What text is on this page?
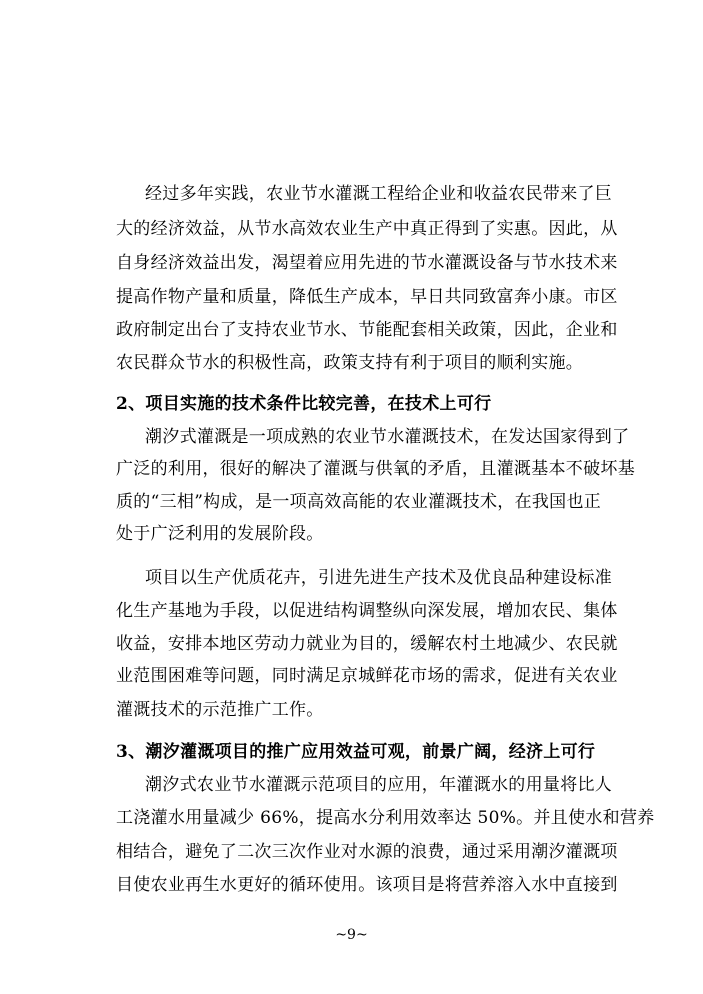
经过多年实践，农业节水灌溉工程给企业和收益农民带来了巨
大的经济效益，从节水高效农业生产中真正得到了实惠。因此，从
自身经济效益出发，渴望着应用先进的节水灌溉设备与节水技术来
提高作物产量和质量，降低生产成本，早日共同致富奔小康。市区
政府制定出台了支持农业节水、节能配套相关政策，因此，企业和
农民群众节水的积极性高，政策支持有利于项目的顺利实施。
2、项目实施的技术条件比较完善，在技术上可行
潮汐式灌溉是一项成熟的农业节水灌溉技术，在发达国家得到了
广泛的利用，很好的解决了灌溉与供氧的矛盾，且灌溉基本不破坏基
质的“三相”构成，是一项高效高能的农业灌溉技术，在我国也正
处于广泛利用的发展阶段。
项目以生产优质花卉，引进先进生产技术及优良品种建设标准
化生产基地为手段，以促进结构调整纵向深发展，增加农民、集体
收益，安排本地区劳动力就业为目的，缓解农村土地减少、农民就
业范围困难等问题，同时满足京城鲜花市场的需求，促进有关农业
灌溉技术的示范推广工作。
3、潮汐灌溉项目的推广应用效益可观，前景广阔，经济上可行
潮汐式农业节水灌溉示范项目的应用，年灌溉水的用量将比人
工浇灌水用量减少 66%，提高水分利用效率达 50%。并且使水和营养
相结合，避免了二次三次作业对水源的浪费，通过采用潮汐灌溉项
目使农业再生水更好的循环使用。该项目是将营养溶入水中直接到
~9~
